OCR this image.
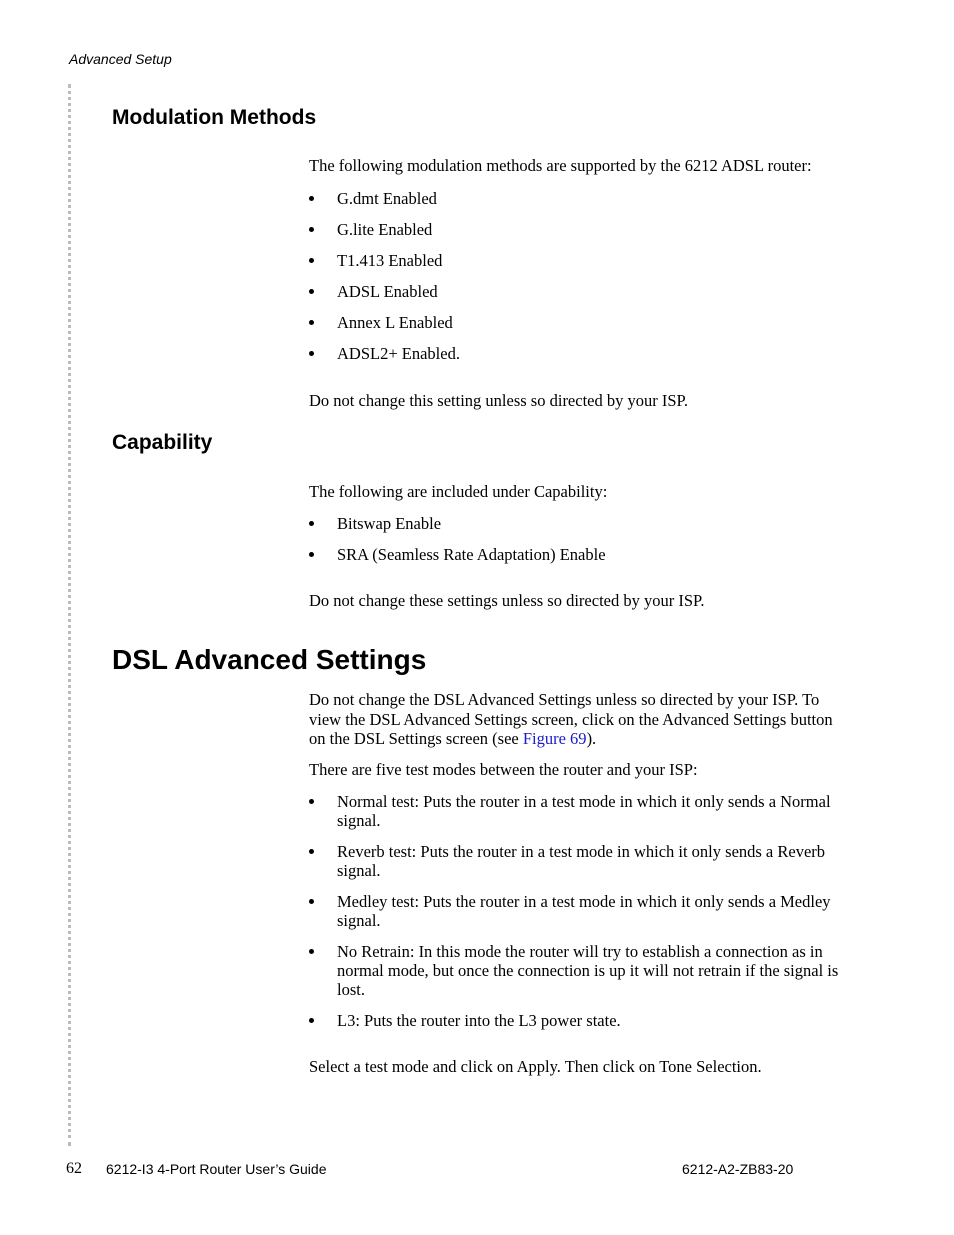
Advanced Setup
Modulation Methods
The following modulation methods are supported by the 6212 ADSL router:
G.dmt Enabled
G.lite Enabled
T1.413 Enabled
ADSL Enabled
Annex L Enabled
ADSL2+ Enabled.
Do not change this setting unless so directed by your ISP.
Capability
The following are included under Capability:
Bitswap Enable
SRA (Seamless Rate Adaptation) Enable
Do not change these settings unless so directed by your ISP.
DSL Advanced Settings
Do not change the DSL Advanced Settings unless so directed by your ISP. To view the DSL Advanced Settings screen, click on the Advanced Settings button on the DSL Settings screen (see Figure 69).
There are five test modes between the router and your ISP:
Normal test: Puts the router in a test mode in which it only sends a Normal signal.
Reverb test: Puts the router in a test mode in which it only sends a Reverb signal.
Medley test: Puts the router in a test mode in which it only sends a Medley signal.
No Retrain: In this mode the router will try to establish a connection as in normal mode, but once the connection is up it will not retrain if the signal is lost.
L3: Puts the router into the L3 power state.
Select a test mode and click on Apply. Then click on Tone Selection.
62 6212-I3 4-Port Router User’s Guide	6212-A2-ZB83-20
